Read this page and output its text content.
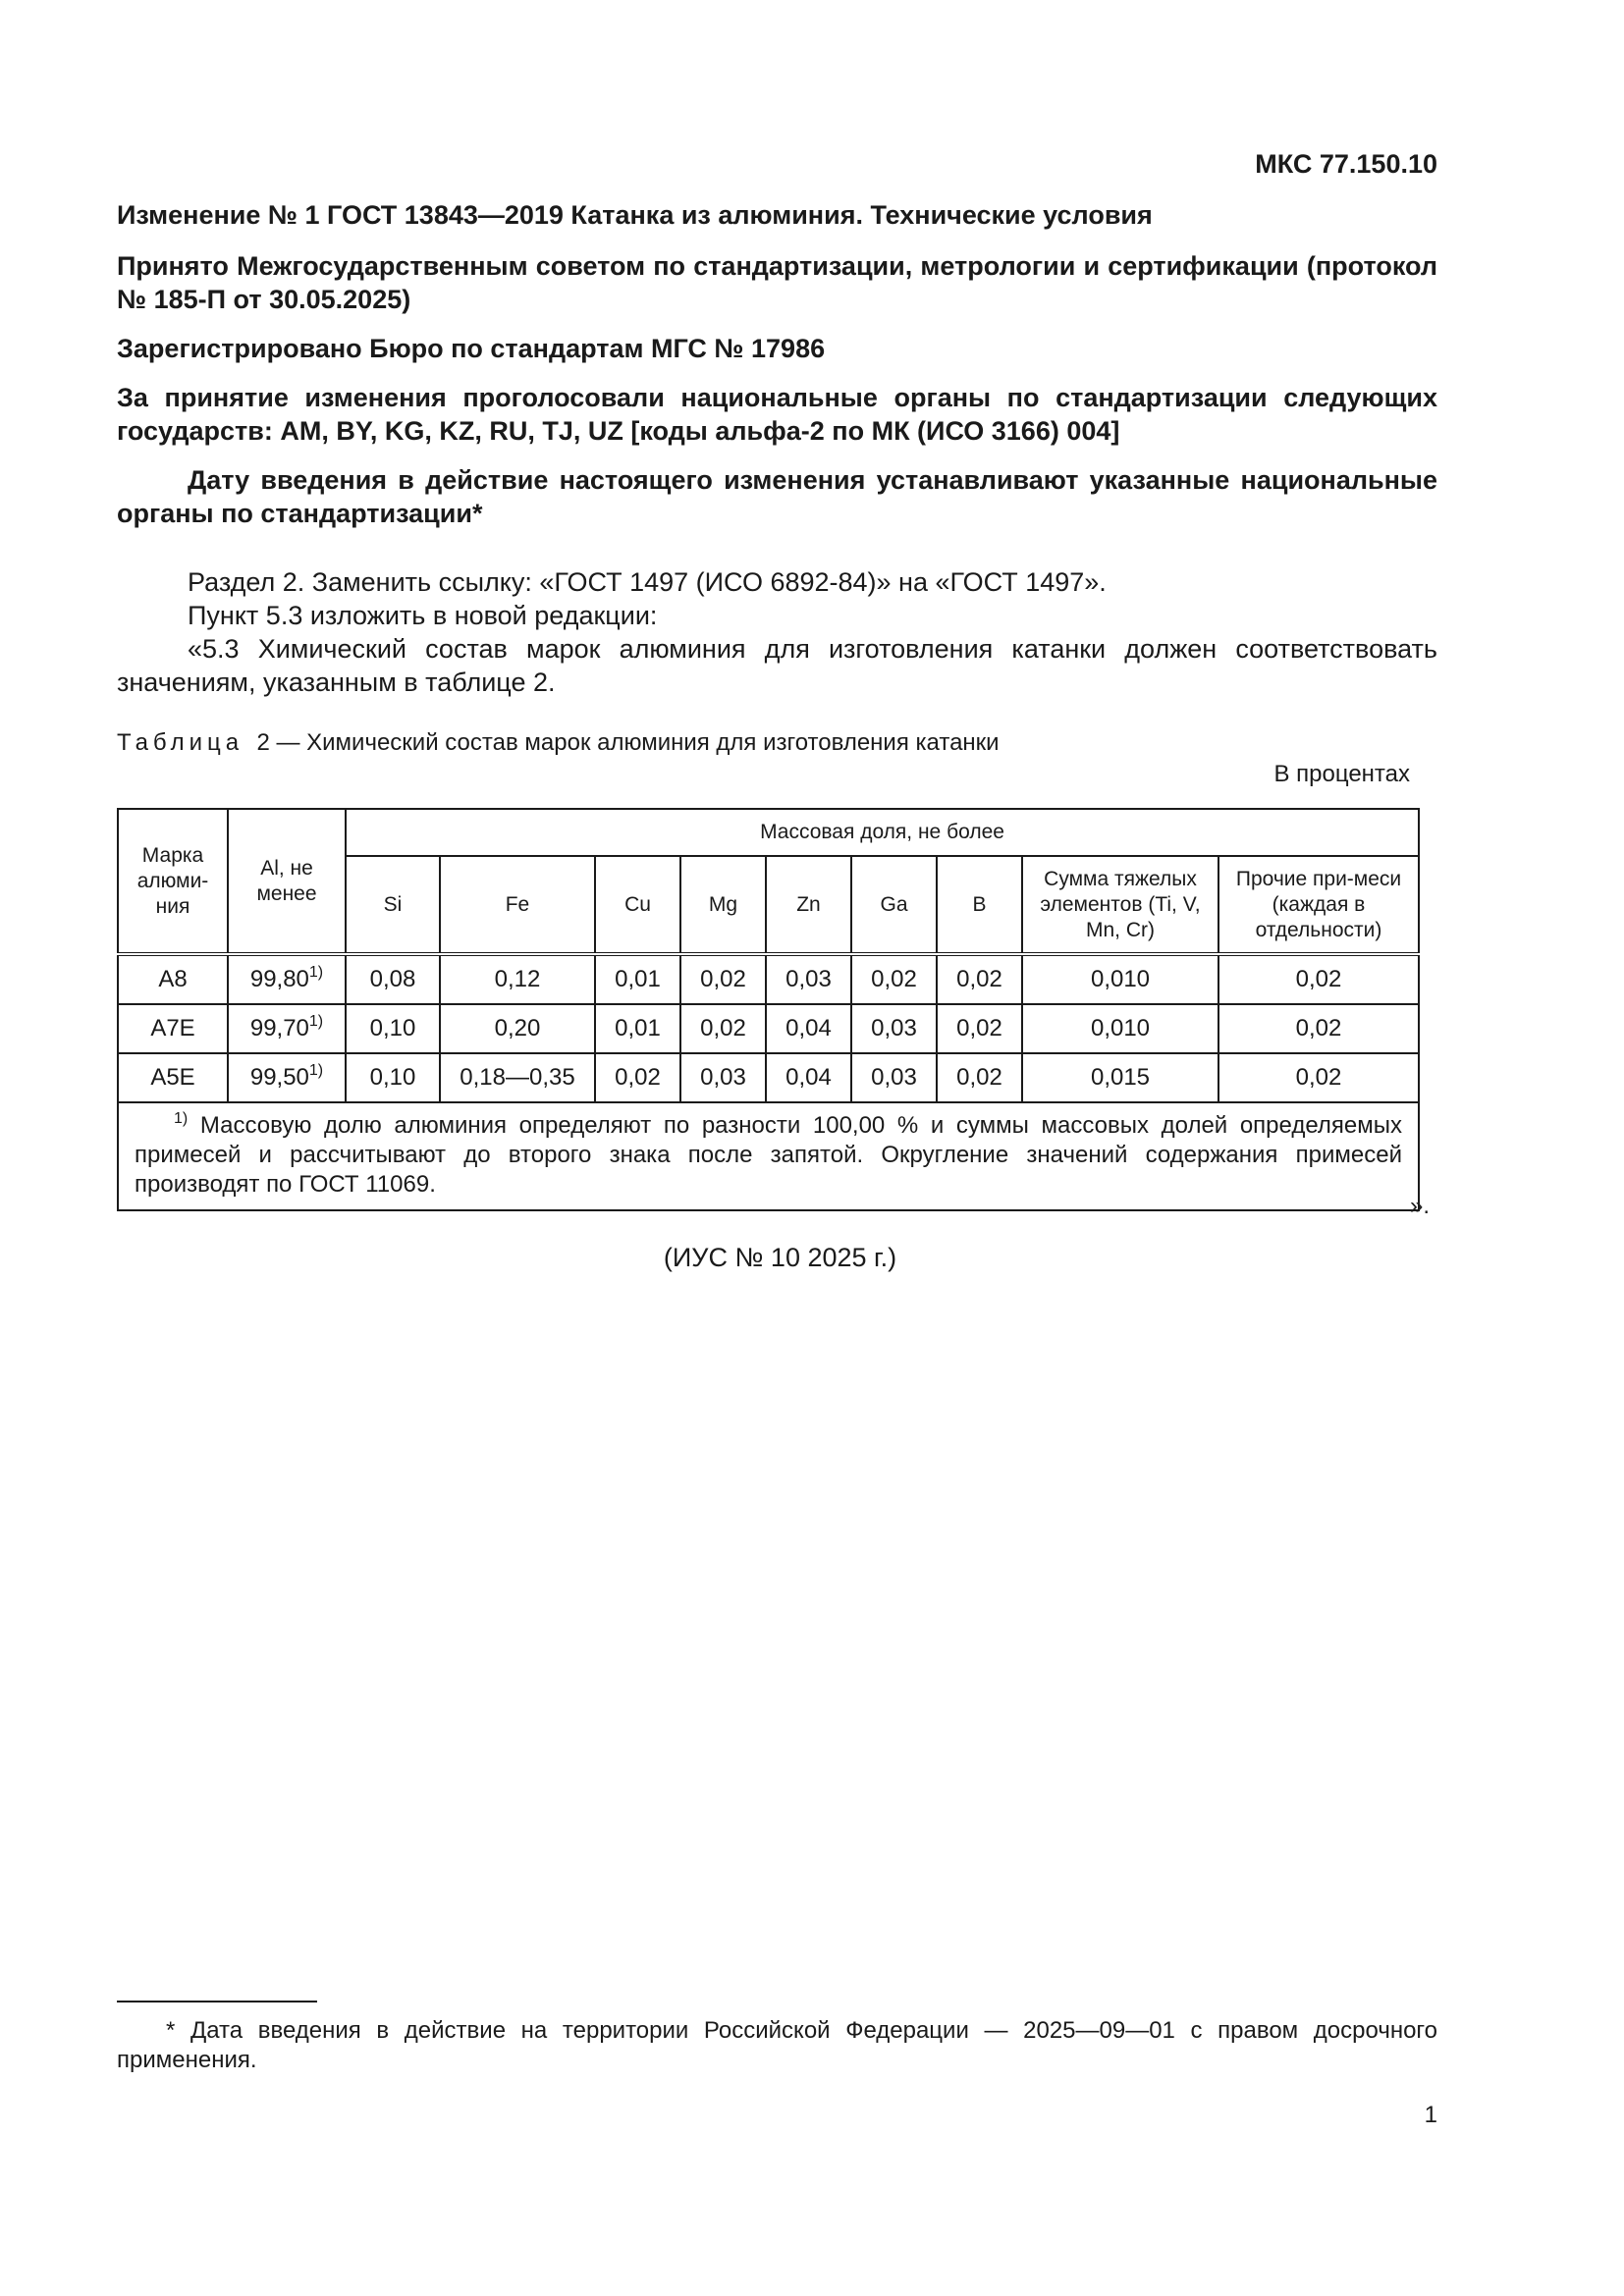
МКС 77.150.10
Изменение № 1 ГОСТ 13843—2019 Катанка из алюминия. Технические условия
Принято Межгосударственным советом по стандартизации, метрологии и сертификации (протокол № 185-П от 30.05.2025)
Зарегистрировано Бюро по стандартам МГС № 17986
За принятие изменения проголосовали национальные органы по стандартизации следующих государств: AM, BY, KG, KZ, RU, TJ, UZ [коды альфа-2 по МК (ИСО 3166) 004]
Дату введения в действие настоящего изменения устанавливают указанные национальные органы по стандартизации*
Раздел 2. Заменить ссылку: «ГОСТ 1497 (ИСО 6892-84)» на «ГОСТ 1497».
Пункт 5.3 изложить в новой редакции:
«5.3 Химический состав марок алюминия для изготовления катанки должен соответствовать значениям, указанным в таблице 2.
Таблица 2 — Химический состав марок алюминия для изготовления катанки
В процентах
Марка алюми-ния	Al, не менее	Массовая доля, не более								
		Si	Fe	Cu	Mg	Zn	Ga	B	Сумма тяжелых элементов (Ti, V, Mn, Cr)	Прочие при-меси (каждая в отдельности)
А8	99,80$^{1)}$	0,08	0,12	0,01	0,02	0,03	0,02	0,02	0,010	0,02
А7Е	99,70$^{1)}$	0,10	0,20	0,01	0,02	0,04	0,03	0,02	0,010	0,02
А5Е	99,50$^{1)}$	0,10	0,18—0,35	0,02	0,03	0,04	0,03	0,02	0,015	0,02
$^{1)}$ Массовую долю алюминия определяют по разности 100,00 % и суммы массовых долей определяемых примесей и рассчитывают до второго знака после запятой. Округление значений содержания примесей производят по ГОСТ 11069.										
».
(ИУС № 10 2025 г.)
* Дата введения в действие на территории Российской Федерации — 2025—09—01 с правом досрочного применения.
1
